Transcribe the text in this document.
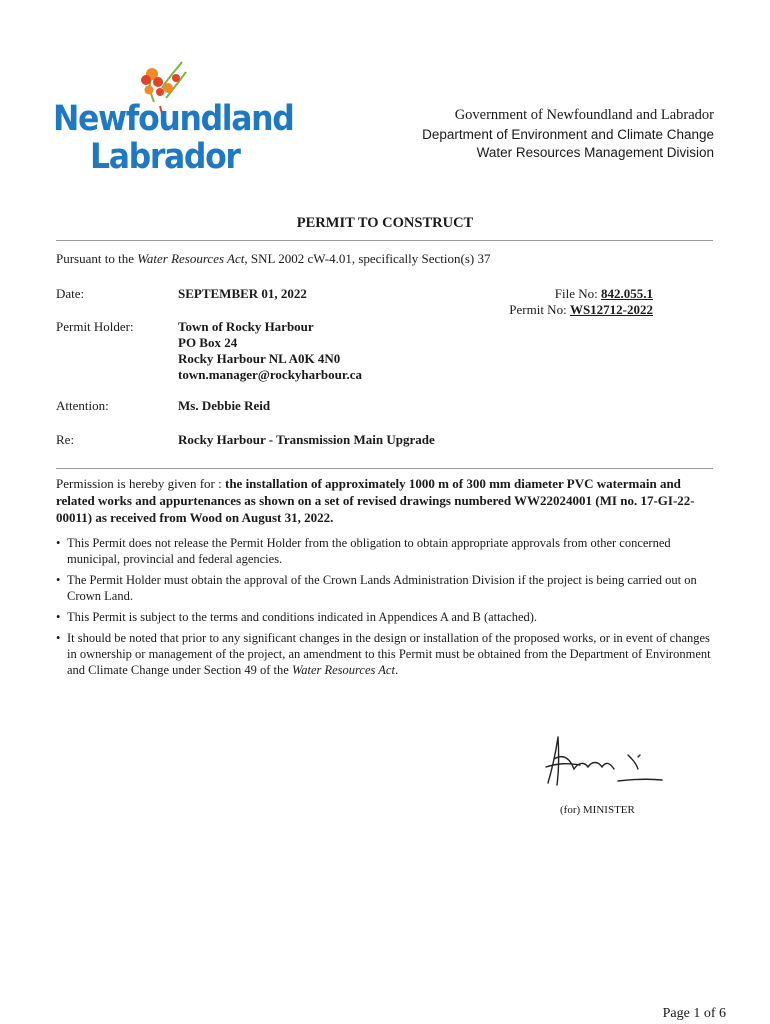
Newfoundland
Labrador
Government of Newfoundland and Labrador
Department of Environment and Climate Change
Water Resources Management Division
PERMIT TO CONSTRUCT
Pursuant to the Water Resources Act, SNL 2002 cW-4.01, specifically Section(s) 37
Date:	SEPTEMBER 01, 2022
Permit Holder:	Town of Rocky Harbour
PO Box 24
Rocky Harbour NL A0K 4N0
town.manager@rockyharbour.ca
Attention:	Ms. Debbie Reid
Re:	Rocky Harbour - Transmission Main Upgrade
File No: 842.055.1
Permit No: WS12712-2022
Permission is hereby given for : the installation of approximately 1000 m of 300 mm diameter PVC watermain and related works and appurtenances as shown on a set of revised drawings numbered WW22024001 (MI no. 17-GI-22-00011) as received from Wood on August 31, 2022.
• This Permit does not release the Permit Holder from the obligation to obtain appropriate approvals from other concerned municipal, provincial and federal agencies.
• The Permit Holder must obtain the approval of the Crown Lands Administration Division if the project is being carried out on Crown Land.
• This Permit is subject to the terms and conditions indicated in Appendices A and B (attached).
• It should be noted that prior to any significant changes in the design or installation of the proposed works, or in event of changes in ownership or management of the project, an amendment to this Permit must be obtained from the Department of Environment and Climate Change under Section 49 of the Water Resources Act.
(for) MINISTER
Page 1 of 6
